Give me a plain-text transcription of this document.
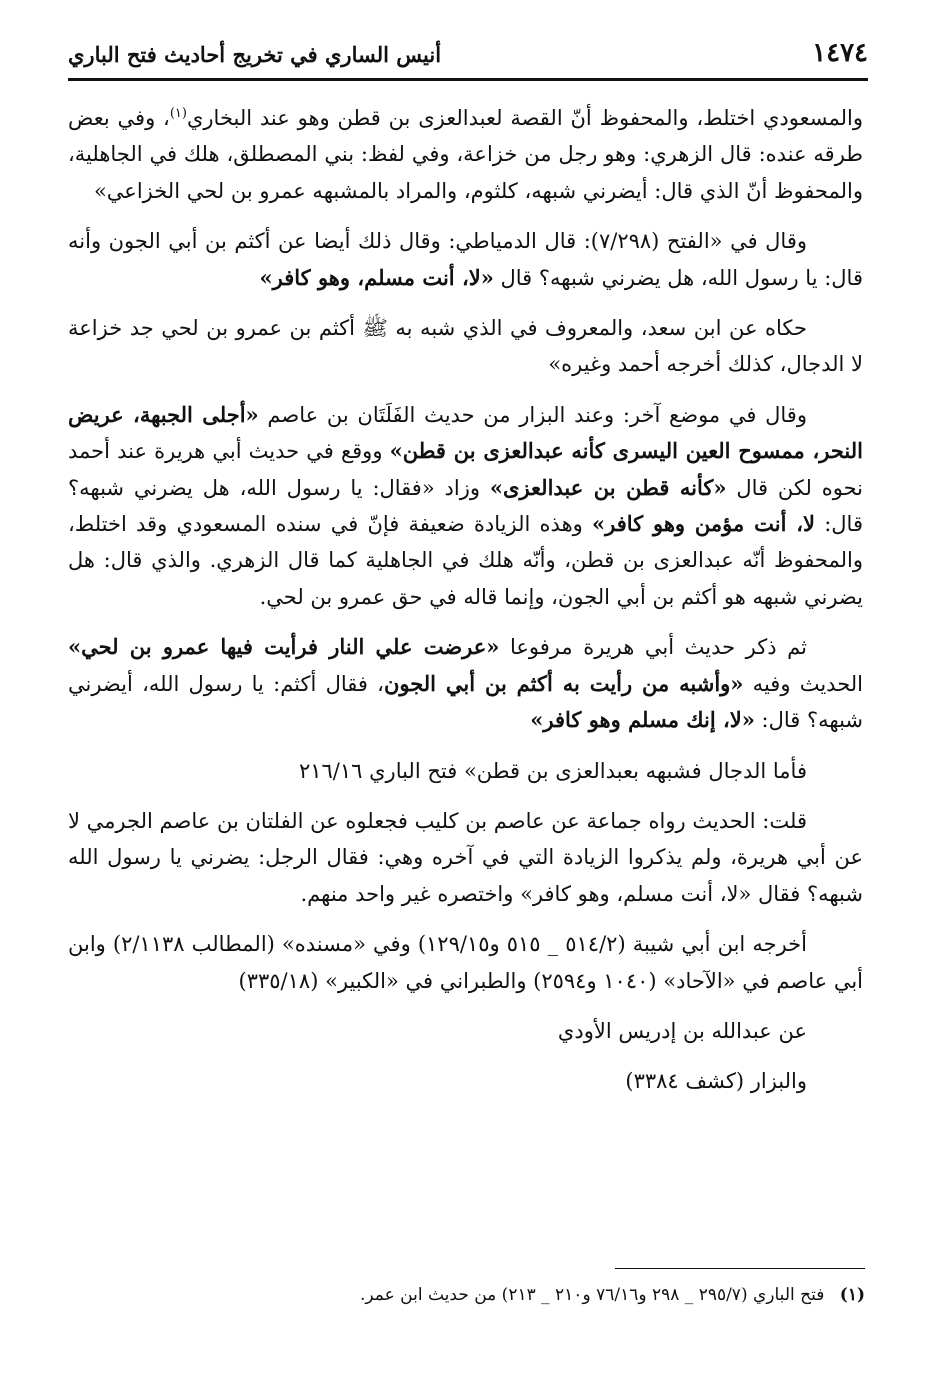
١٤٧٤
أنيس الساري في تخريج أحاديث فتح الباري

والمسعودي اختلط، والمحفوظ أنّ القصة لعبدالعزى بن قطن وهو عند البخاري$^{(١)}$، وفي بعض طرقه عنده: قال الزهري: وهو رجل من خزاعة، وفي لفظ: بني المصطلق، هلك في الجاهلية، والمحفوظ أنّ الذي قال: أيضرني شبهه، كلثوم، والمراد بالمشبهه عمرو بن لحي الخزاعي»

وقال في «الفتح (٧/٢٩٨): قال الدمياطي: وقال ذلك أيضا عن أكثم بن أبي الجون وأنه قال: يا رسول الله، هل يضرني شبهه؟ قال «لا، أنت مسلم، وهو كافر»

حكاه عن ابن سعد، والمعروف في الذي شبه به ﷺ أكثم بن عمرو بن لحي جد خزاعة لا الدجال، كذلك أخرجه أحمد وغيره»

وقال في موضع آخر: وعند البزار من حديث الفَلَتَان بن عاصم «أجلى الجبهة، عريض النحر، ممسوح العين اليسرى كأنه عبدالعزى بن قطن» ووقع في حديث أبي هريرة عند أحمد نحوه لكن قال «كأنه قطن بن عبدالعزى» وزاد «فقال: يا رسول الله، هل يضرني شبهه؟ قال: لا، أنت مؤمن وهو كافر» وهذه الزيادة ضعيفة فإنّ في سنده المسعودي وقد اختلط، والمحفوظ أنّه عبدالعزى بن قطن، وأنّه هلك في الجاهلية كما قال الزهري. والذي قال: هل يضرني شبهه هو أكثم بن أبي الجون، وإنما قاله في حق عمرو بن لحي.

ثم ذكر حديث أبي هريرة مرفوعا «عرضت علي النار فرأيت فيها عمرو بن لحي» الحديث وفيه «وأشبه من رأيت به أكثم بن أبي الجون، فقال أكثم: يا رسول الله، أيضرني شبهه؟ قال: «لا، إنك مسلم وهو كافر»

فأما الدجال فشبهه بعبدالعزى بن قطن» فتح الباري ٢١٦/١٦

قلت: الحديث رواه جماعة عن عاصم بن كليب فجعلوه عن الفلتان بن عاصم الجرمي لا عن أبي هريرة، ولم يذكروا الزيادة التي في آخره وهي: فقال الرجل: يضرني يا رسول الله شبهه؟ فقال «لا، أنت مسلم، وهو كافر» واختصره غير واحد منهم.

أخرجه ابن أبي شيبة (٥١٤/٢ _ ٥١٥ و١٢٩/١٥) وفي «مسنده» (المطالب ٢/١١٣٨) وابن أبي عاصم في «الآحاد» (١٠٤٠ و٢٥٩٤) والطبراني في «الكبير» (٣٣٥/١٨)

عن عبدالله بن إدريس الأودي

والبزار (كشف ٣٣٨٤)

(١) فتح الباري (٢٩٥/٧ _ ٢٩٨ و٧٦/١٦ و٢١٠ _ ٢١٣) من حديث ابن عمر.
